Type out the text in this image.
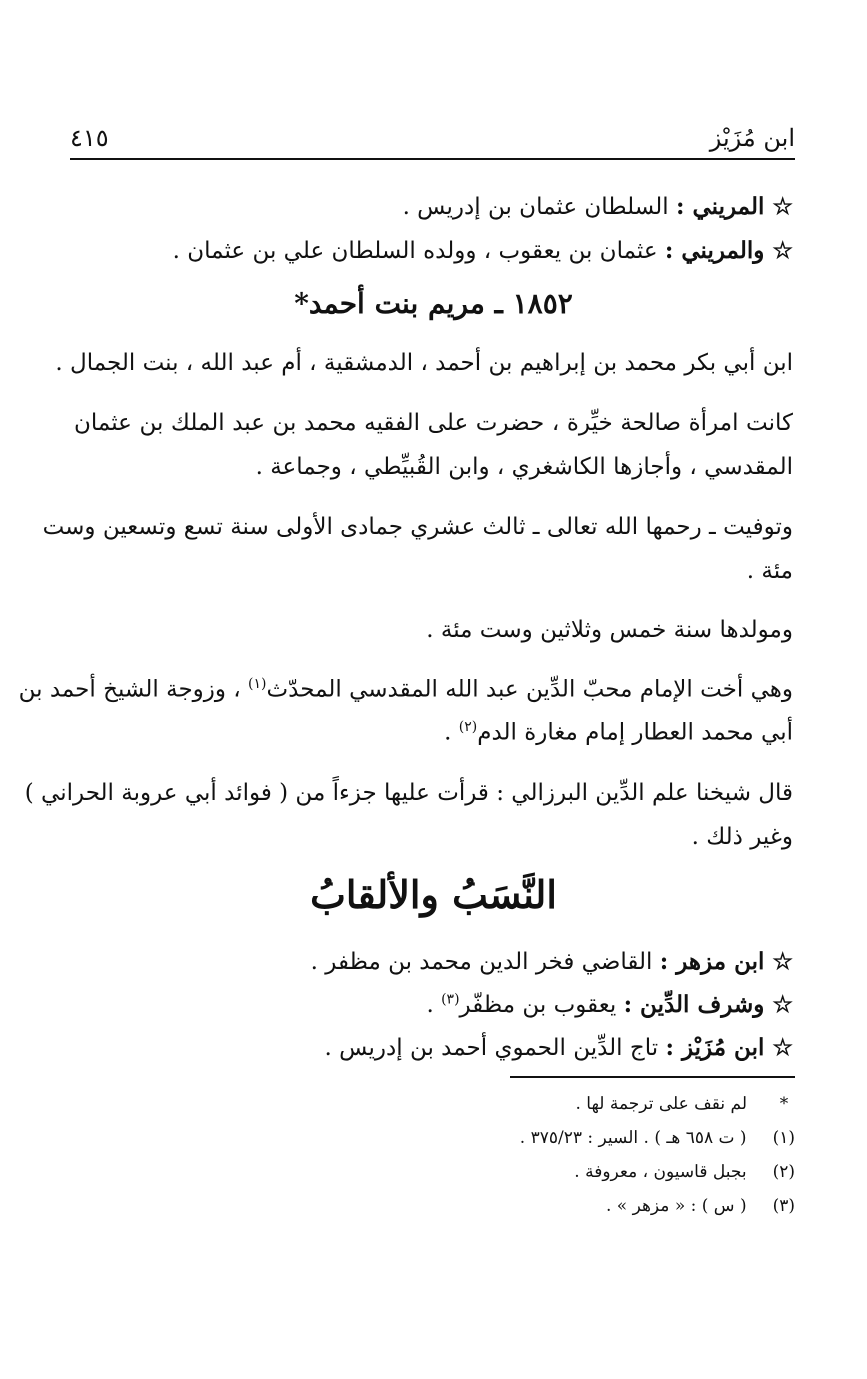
ابن مُزَيْز
٤١٥
☆ المريني : السلطان عثمان بن إدريس .
☆ والمريني : عثمان بن يعقوب ، وولده السلطان علي بن عثمان .
١٨٥٢ ـ مريم بنت أحمد*
ابن أبي بكر محمد بن إبراهيم بن أحمد ، الدمشقية ، أم عبد الله ، بنت الجمال .
كانت امرأة صالحة خيِّرة ، حضرت على الفقيه محمد بن عبد الملك بن عثمان
المقدسي ، وأجازها الكاشغري ، وابن القُبيِّطي ، وجماعة .
وتوفيت ـ رحمها الله تعالى ـ ثالث عشري جمادى الأولى سنة تسع وتسعين وست
مئة .
ومولدها سنة خمس وثلاثين وست مئة .
وهي أخت الإمام محبّ الدِّين عبد الله المقدسي المحدّث$^{(١)}$ ، وزوجة الشيخ أحمد بن
أبي محمد العطار إمام مغارة الدم$^{(٢)}$ .
قال شيخنا علم الدِّين البرزالي : قرأت عليها جزءاً من ( فوائد أبي عروبة الحراني )
وغير ذلك .
النَّسَبُ والألقابُ
☆ ابن مزهر : القاضي فخر الدين محمد بن مظفر .
☆ وشرف الدِّين : يعقوب بن مظفّر$^{(٣)}$ .
☆ ابن مُزَيْز : تاج الدِّين الحموي أحمد بن إدريس .
*
لم نقف على ترجمة لها .
(١)
( ت ٦٥٨ هـ ) . السير : ٣٧٥/٢٣ .
(٢)
بجبل قاسيون ، معروفة .
(٣)
( س ) : « مزهر » .
